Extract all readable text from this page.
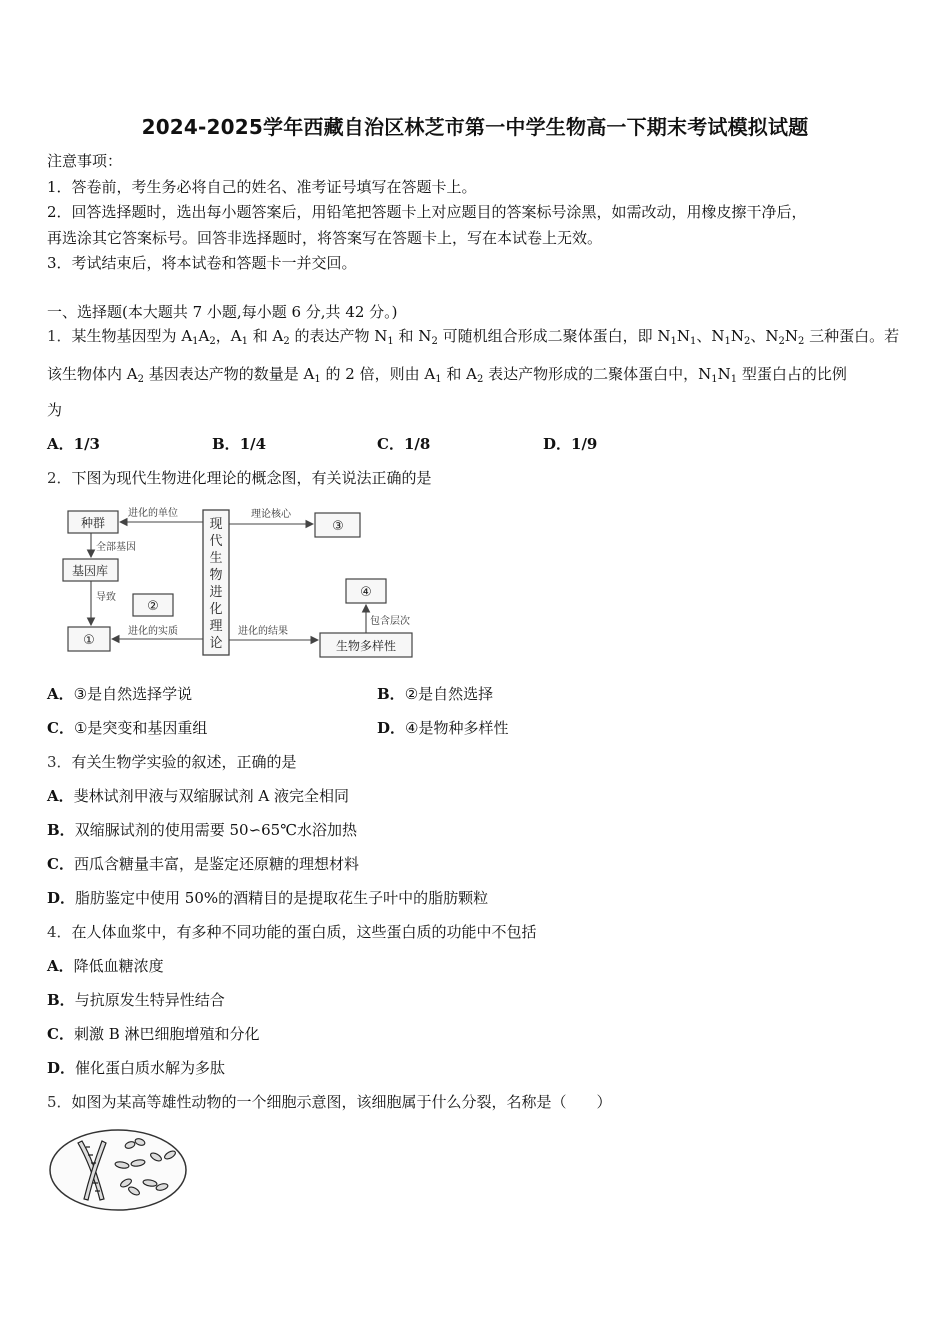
2024-2025学年西藏自治区林芝市第一中学生物高一下期末考试模拟试题
注意事项：
1．答卷前，考生务必将自己的姓名、准考证号填写在答题卡上。
2．回答选择题时，选出每小题答案后，用铅笔把答题卡上对应题目的答案标号涂黑，如需改动，用橡皮擦干净后，
再选涂其它答案标号。回答非选择题时，将答案写在答题卡上，写在本试卷上无效。
3．考试结束后，将本试卷和答题卡一并交回。
一、选择题(本大题共 7 小题,每小题 6 分,共 42 分。)
1．某生物基因型为 $A_1A_2$，$A_1$ 和 $A_2$ 的表达产物 $N_1$ 和 $N_2$ 可随机组合形成二聚体蛋白，即 $N_1N_1$、$N_1N_2$、$N_2N_2$ 三种蛋白。若
该生物体内 $A_2$ 基因表达产物的数量是 $A_1$ 的 2 倍，则由 $A_1$ 和 $A_2$ 表达产物形成的二聚体蛋白中，$N_1N_1$ 型蛋白占的比例
为
A．1/3	B．1/4	C．1/8	D．1/9
2．下图为现代生物进化理论的概念图，有关说法正确的是
现
代
生
物
进
化
理
论
种群
基因库
①
②
进化的单位
全部基因
导致
进化的实质
③
理论核心
④
生物多样性
进化的结果
包含层次
A．③是自然选择学说	B．②是自然选择
C．①是突变和基因重组	D．④是物种多样性
3．有关生物学实验的叙述，正确的是
A．斐林试剂甲液与双缩脲试剂 A 液完全相同
B．双缩脲试剂的使用需要 50∽65℃水浴加热
C．西瓜含糖量丰富，是鉴定还原糖的理想材料
D．脂肪鉴定中使用 50%的酒精目的是提取花生子叶中的脂肪颗粒
4．在人体血浆中，有多种不同功能的蛋白质，这些蛋白质的功能中不包括
A．降低血糖浓度
B．与抗原发生特异性结合
C．刺激 B 淋巴细胞增殖和分化
D．催化蛋白质水解为多肽
5．如图为某高等雄性动物的一个细胞示意图，该细胞属于什么分裂，名称是（　　）
